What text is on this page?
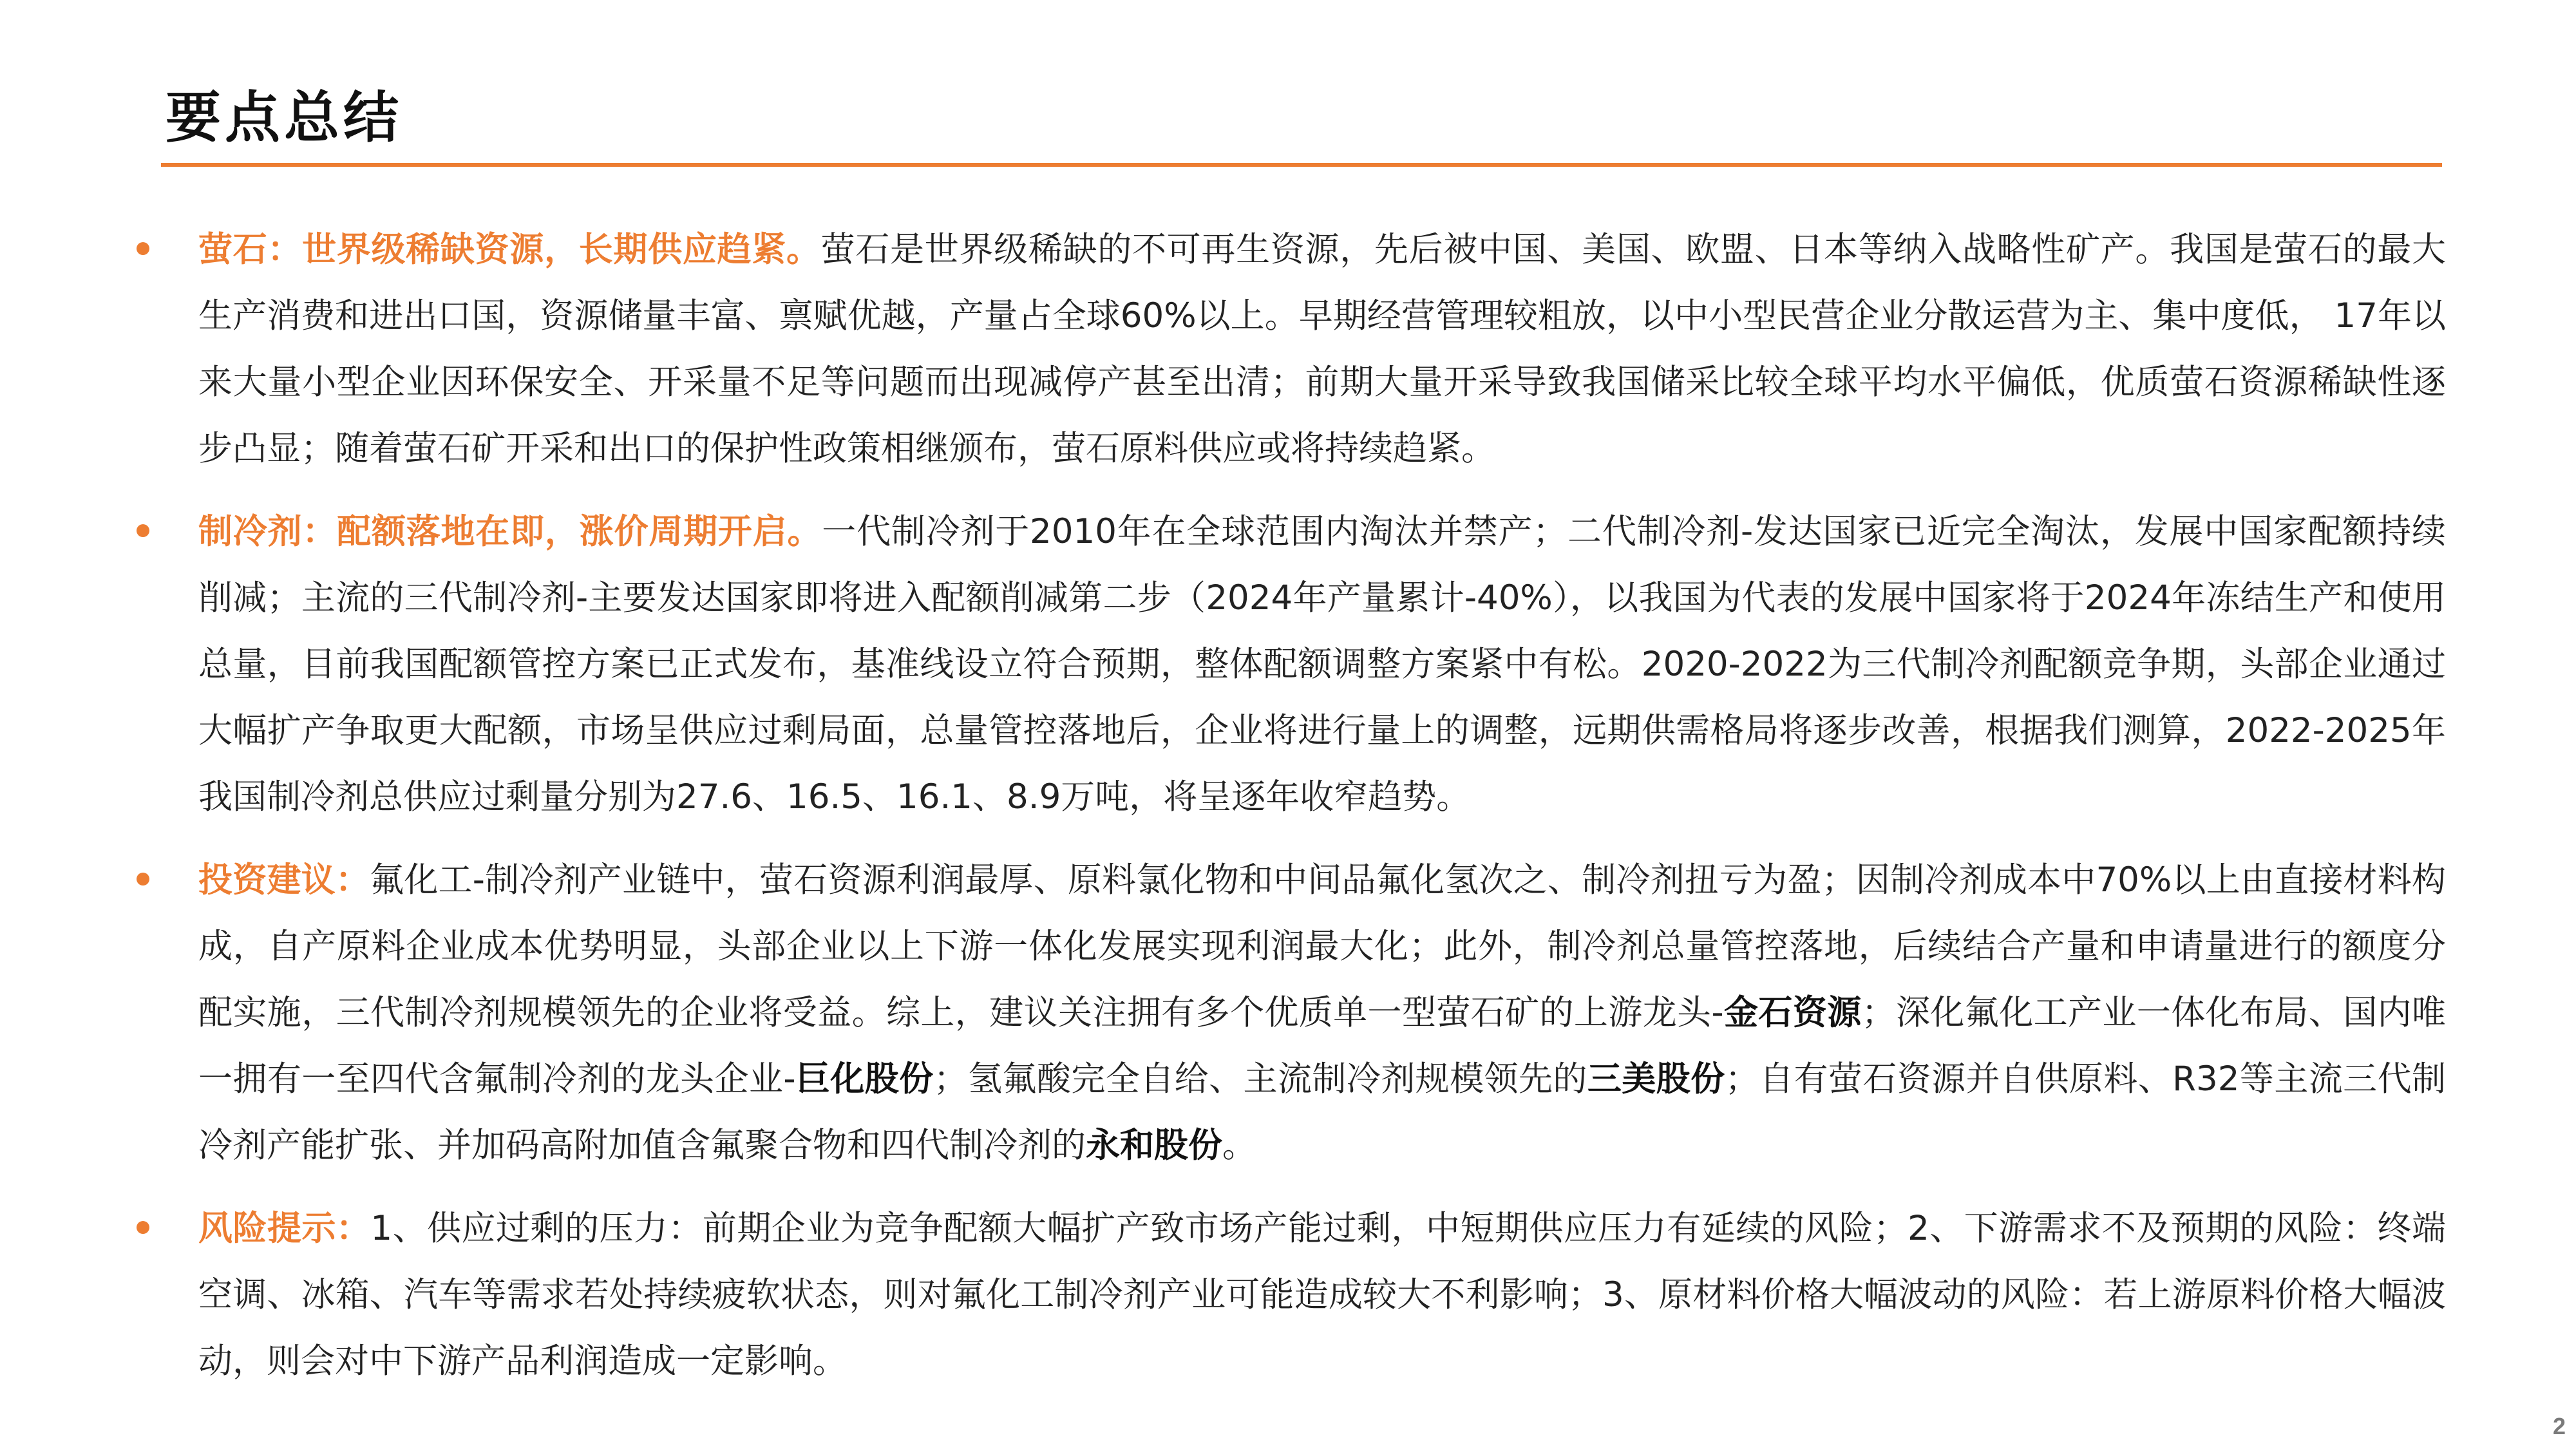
要点总结
萤石：世界级稀缺资源，长期供应趋紧。萤石是世界级稀缺的不可再生资源，先后被中国、美国、欧盟、日本等纳入战略性矿产。我国是萤石的最大生产消费和进出口国，资源储量丰富、禀赋优越，产量占全球60%以上。早期经营管理较粗放，以中小型民营企业分散运营为主、集中度低， 17年以来大量小型企业因环保安全、开采量不足等问题而出现减停产甚至出清；前期大量开采导致我国储采比较全球平均水平偏低，优质萤石资源稀缺性逐步凸显；随着萤石矿开采和出口的保护性政策相继颁布，萤石原料供应或将持续趋紧。
制冷剂：配额落地在即，涨价周期开启。一代制冷剂于2010年在全球范围内淘汰并禁产；二代制冷剂-发达国家已近完全淘汰，发展中国家配额持续削减；主流的三代制冷剂-主要发达国家即将进入配额削减第二步（2024年产量累计-40%），以我国为代表的发展中国家将于2024年冻结生产和使用总量，目前我国配额管控方案已正式发布，基准线设立符合预期，整体配额调整方案紧中有松。2020-2022为三代制冷剂配额竞争期，头部企业通过大幅扩产争取更大配额，市场呈供应过剩局面，总量管控落地后，企业将进行量上的调整，远期供需格局将逐步改善，根据我们测算，2022-2025年我国制冷剂总供应过剩量分别为27.6、16.5、16.1、8.9万吨，将呈逐年收窄趋势。
投资建议：氟化工-制冷剂产业链中，萤石资源利润最厚、原料氯化物和中间品氟化氢次之、制冷剂扭亏为盈；因制冷剂成本中70%以上由直接材料构成，自产原料企业成本优势明显，头部企业以上下游一体化发展实现利润最大化；此外，制冷剂总量管控落地，后续结合产量和申请量进行的额度分配实施，三代制冷剂规模领先的企业将受益。综上，建议关注拥有多个优质单一型萤石矿的上游龙头-金石资源；深化氟化工产业一体化布局、国内唯一拥有一至四代含氟制冷剂的龙头企业-巨化股份；氢氟酸完全自给、主流制冷剂规模领先的三美股份；自有萤石资源并自供原料、R32等主流三代制冷剂产能扩张、并加码高附加值含氟聚合物和四代制冷剂的永和股份。
风险提示：1、供应过剩的压力：前期企业为竞争配额大幅扩产致市场产能过剩，中短期供应压力有延续的风险；2、下游需求不及预期的风险：终端空调、冰箱、汽车等需求若处持续疲软状态，则对氟化工制冷剂产业可能造成较大不利影响；3、原材料价格大幅波动的风险：若上游原料价格大幅波动，则会对中下游产品利润造成一定影响。
2
